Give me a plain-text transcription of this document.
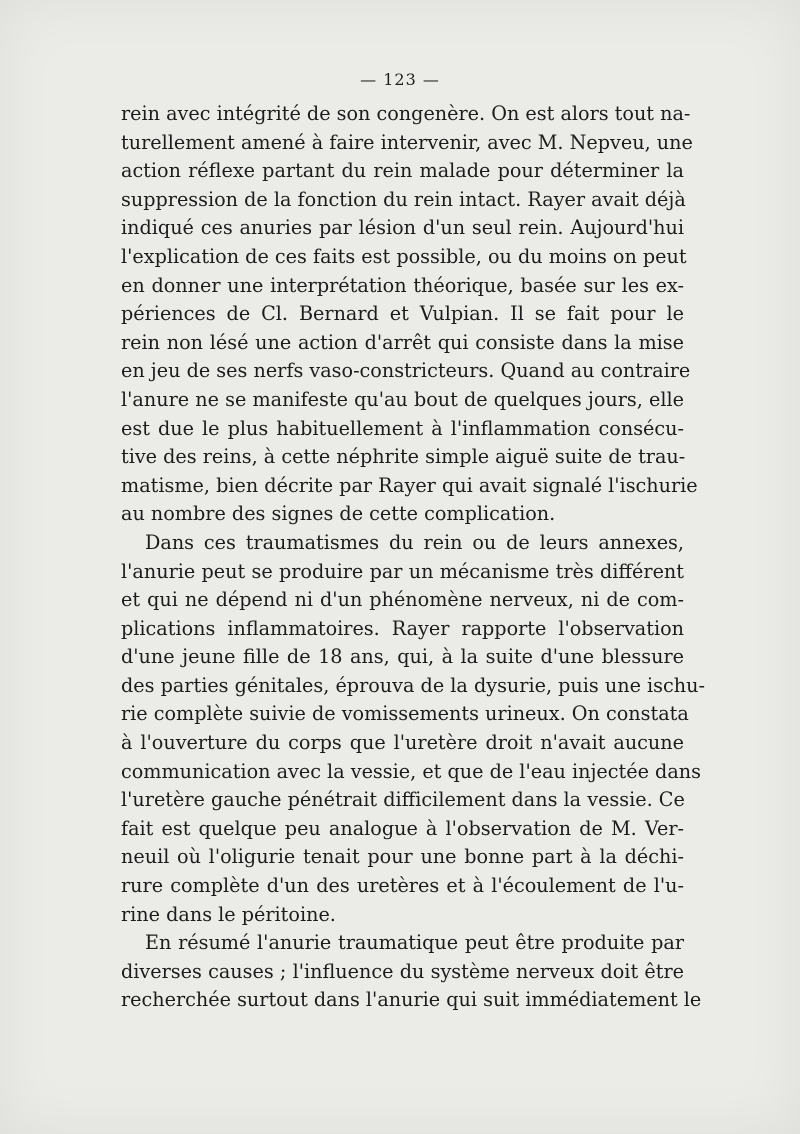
— 123 —
rein avec intégrité de son congenère. On est alors tout na-
turellement amené à faire intervenir, avec M. Nepveu, une
action réflexe partant du rein malade pour déterminer la
suppression de la fonction du rein intact. Rayer avait déjà
indiqué ces anuries par lésion d'un seul rein. Aujourd'hui
l'explication de ces faits est possible, ou du moins on peut
en donner une interprétation théorique, basée sur les ex-
périences de Cl. Bernard et Vulpian. Il se fait pour le
rein non lésé une action d'arrêt qui consiste dans la mise
en jeu de ses nerfs vaso-constricteurs. Quand au contraire
l'anure ne se manifeste qu'au bout de quelques jours, elle
est due le plus habituellement à l'inflammation consécu-
tive des reins, à cette néphrite simple aiguë suite de trau-
matisme, bien décrite par Rayer qui avait signalé l'ischurie
au nombre des signes de cette complication.
Dans ces traumatismes du rein ou de leurs annexes,
l'anurie peut se produire par un mécanisme très différent
et qui ne dépend ni d'un phénomène nerveux, ni de com-
plications inflammatoires. Rayer rapporte l'observation
d'une jeune fille de 18 ans, qui, à la suite d'une blessure
des parties génitales, éprouva de la dysurie, puis une ischu-
rie complète suivie de vomissements urineux. On constata
à l'ouverture du corps que l'uretère droit n'avait aucune
communication avec la vessie, et que de l'eau injectée dans
l'uretère gauche pénétrait difficilement dans la vessie. Ce
fait est quelque peu analogue à l'observation de M. Ver-
neuil où l'oligurie tenait pour une bonne part à la déchi-
rure complète d'un des uretères et à l'écoulement de l'u-
rine dans le péritoine.
En résumé l'anurie traumatique peut être produite par
diverses causes ; l'influence du système nerveux doit être
recherchée surtout dans l'anurie qui suit immédiatement le
